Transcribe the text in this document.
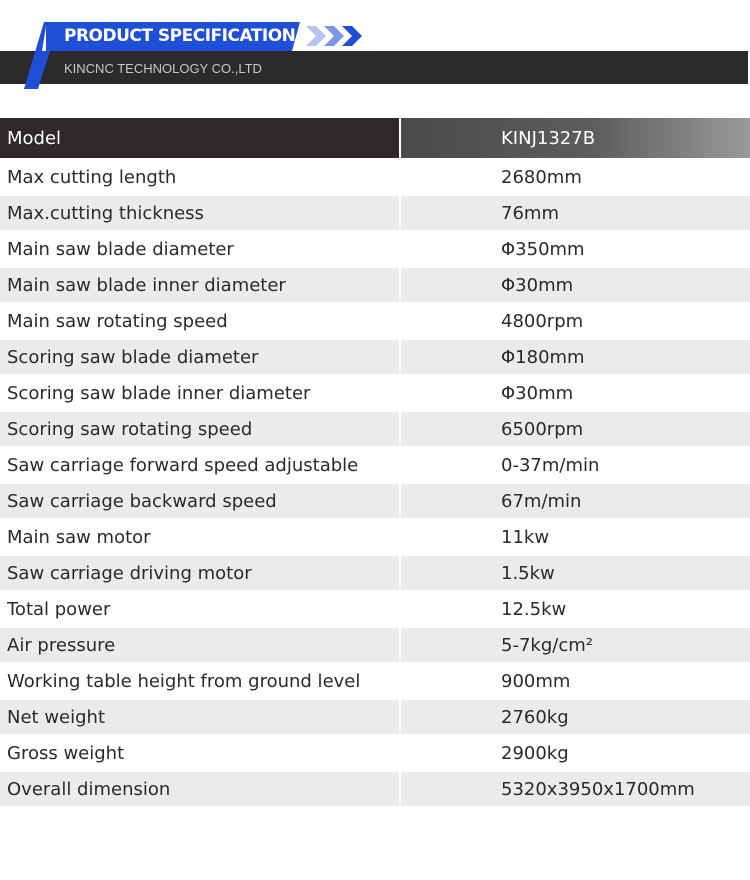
PRODUCT SPECIFICATION
KINCNC TECHNOLOGY CO.,LTD
Model	KINJ1327B
Max cutting length	2680mm
Max.cutting thickness	76mm
Main saw blade diameter	Φ350mm
Main saw blade inner diameter	Φ30mm
Main saw rotating speed	4800rpm
Scoring saw blade diameter	Φ180mm
Scoring saw blade inner diameter	Φ30mm
Scoring saw rotating speed	6500rpm
Saw carriage forward speed adjustable	0-37m/min
Saw carriage backward speed	67m/min
Main saw motor	11kw
Saw carriage driving motor	1.5kw
Total power	12.5kw
Air pressure	5-7kg/cm²
Working table height from ground level	900mm
Net weight	2760kg
Gross weight	2900kg
Overall dimension	5320x3950x1700mm
